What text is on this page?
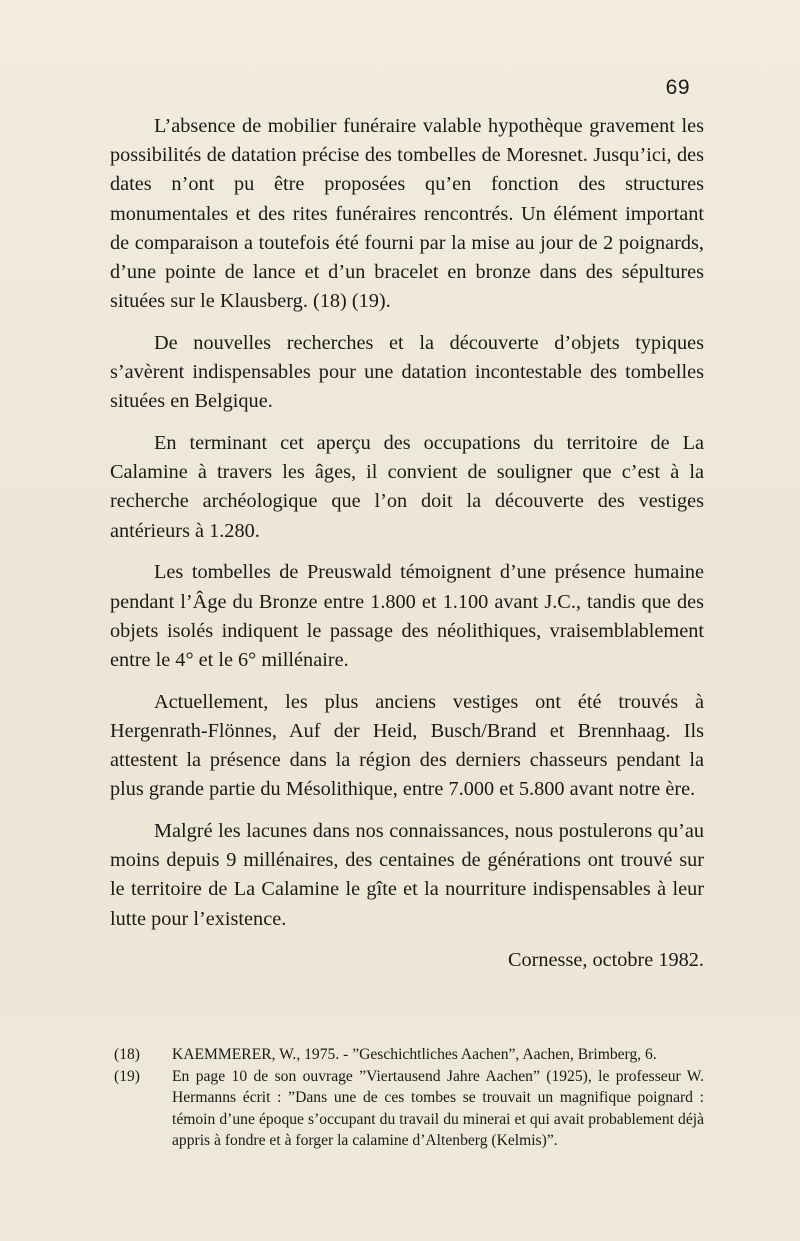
69

L’absence de mobilier funéraire valable hypothèque gravement les possibilités de datation précise des tombelles de Moresnet. Jusqu’ici, des dates n’ont pu être proposées qu’en fonction des structures monumentales et des rites funéraires rencontrés. Un élément important de comparaison a toutefois été fourni par la mise au jour de 2 poignards, d’une pointe de lance et d’un bracelet en bronze dans des sépultures situées sur le Klausberg. (18) (19).

De nouvelles recherches et la découverte d’objets typiques s’avèrent indispensables pour une datation incontestable des tombelles situées en Belgique.

En terminant cet aperçu des occupations du territoire de La Calamine à travers les âges, il convient de souligner que c’est à la recherche archéologique que l’on doit la découverte des vestiges antérieurs à 1.280.

Les tombelles de Preuswald témoignent d’une présence humaine pendant l’Âge du Bronze entre 1.800 et 1.100 avant J.C., tandis que des objets isolés indiquent le passage des néolithiques, vraisemblablement entre le 4° et le 6° millénaire.

Actuellement, les plus anciens vestiges ont été trouvés à Hergenrath-Flönnes, Auf der Heid, Busch/Brand et Brennhaag. Ils attestent la présence dans la région des derniers chasseurs pendant la plus grande partie du Mésolithique, entre 7.000 et 5.800 avant notre ère.

Malgré les lacunes dans nos connaissances, nous postulerons qu’au moins depuis 9 millénaires, des centaines de générations ont trouvé sur le territoire de La Calamine le gîte et la nourriture indispensables à leur lutte pour l’existence.

Cornesse, octobre 1982.

(18) KAEMMERER, W., 1975. - ”Geschichtliches Aachen”, Aachen, Brimberg, 6.

(19) En page 10 de son ouvrage ”Viertausend Jahre Aachen” (1925), le professeur W. Hermanns écrit : ”Dans une de ces tombes se trouvait un magnifique poignard : témoin d’une époque s’occupant du travail du minerai et qui avait probablement déjà appris à fondre et à forger la calamine d’Altenberg (Kelmis)”.
